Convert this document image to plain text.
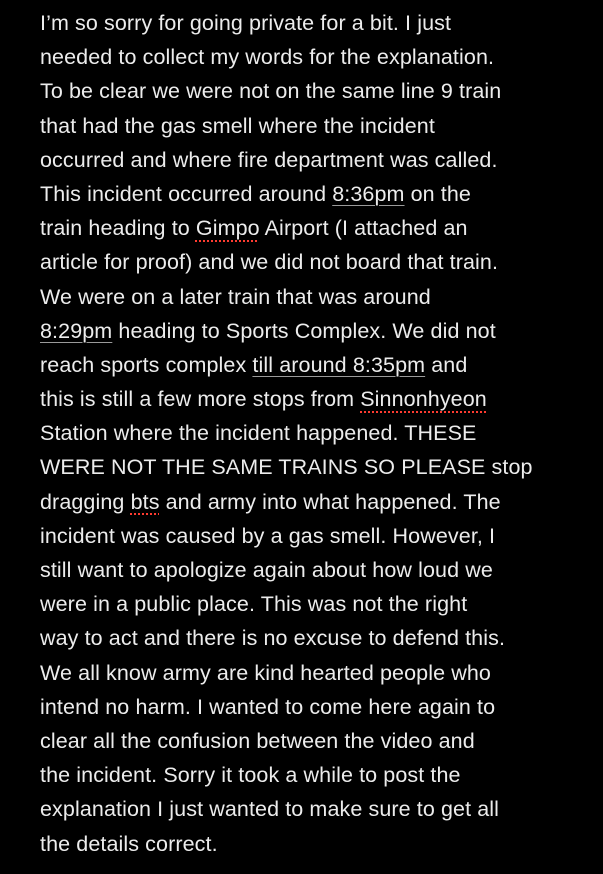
I’m so sorry for going private for a bit. I just
needed to collect my words for the explanation.
To be clear we were not on the same line 9 train
that had the gas smell where the incident
occurred and where fire department was called.
This incident occurred around 8:36pm on the
train heading to Gimpo Airport (I attached an
article for proof) and we did not board that train.
We were on a later train that was around
8:29pm heading to Sports Complex. We did not
reach sports complex till around 8:35pm and
this is still a few more stops from Sinnonhyeon
Station where the incident happened. THESE
WERE NOT THE SAME TRAINS SO PLEASE stop
dragging bts and army into what happened. The
incident was caused by a gas smell. However, I
still want to apologize again about how loud we
were in a public place. This was not the right
way to act and there is no excuse to defend this.
We all know army are kind hearted people who
intend no harm. I wanted to come here again to
clear all the confusion between the video and
the incident. Sorry it took a while to post the
explanation I just wanted to make sure to get all
the details correct.
